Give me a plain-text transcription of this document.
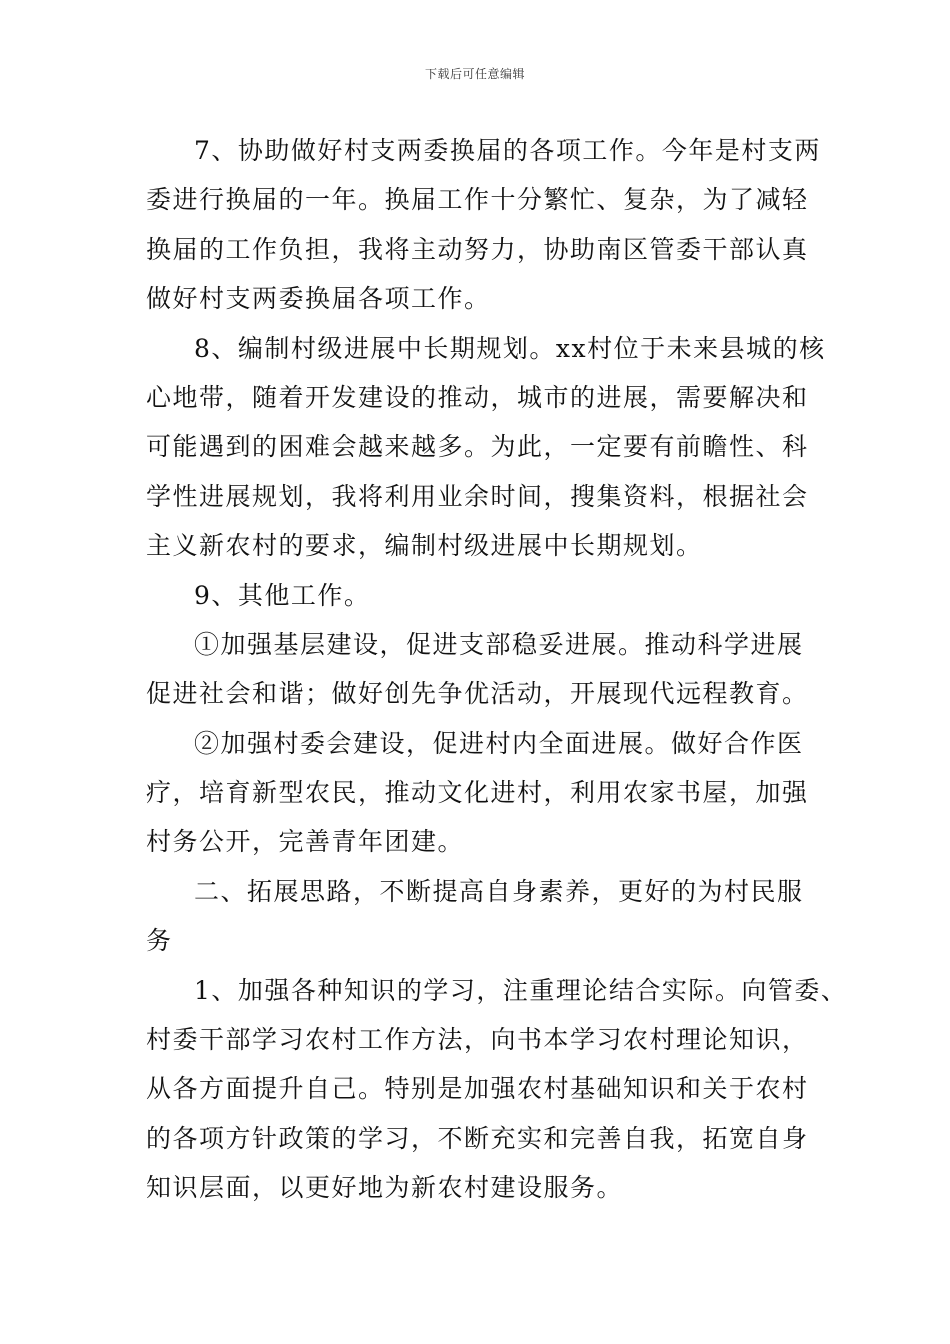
下载后可任意编辑
7、协助做好村支两委换届的各项工作。今年是村支两
委进行换届的一年。换届工作十分繁忙、复杂，为了减轻
换届的工作负担，我将主动努力，协助南区管委干部认真
做好村支两委换届各项工作。
8、编制村级进展中长期规划。xx村位于未来县城的核
心地带，随着开发建设的推动，城市的进展，需要解决和
可能遇到的困难会越来越多。为此，一定要有前瞻性、科
学性进展规划，我将利用业余时间，搜集资料，根据社会
主义新农村的要求，编制村级进展中长期规划。
9、其他工作。
①加强基层建设，促进支部稳妥进展。推动科学进展
促进社会和谐；做好创先争优活动，开展现代远程教育。
②加强村委会建设，促进村内全面进展。做好合作医
疗，培育新型农民，推动文化进村，利用农家书屋，加强
村务公开，完善青年团建。
二、拓展思路，不断提高自身素养，更好的为村民服
务
1、加强各种知识的学习，注重理论结合实际。向管委、
村委干部学习农村工作方法，向书本学习农村理论知识，
从各方面提升自己。特别是加强农村基础知识和关于农村
的各项方针政策的学习，不断充实和完善自我，拓宽自身
知识层面，以更好地为新农村建设服务。
